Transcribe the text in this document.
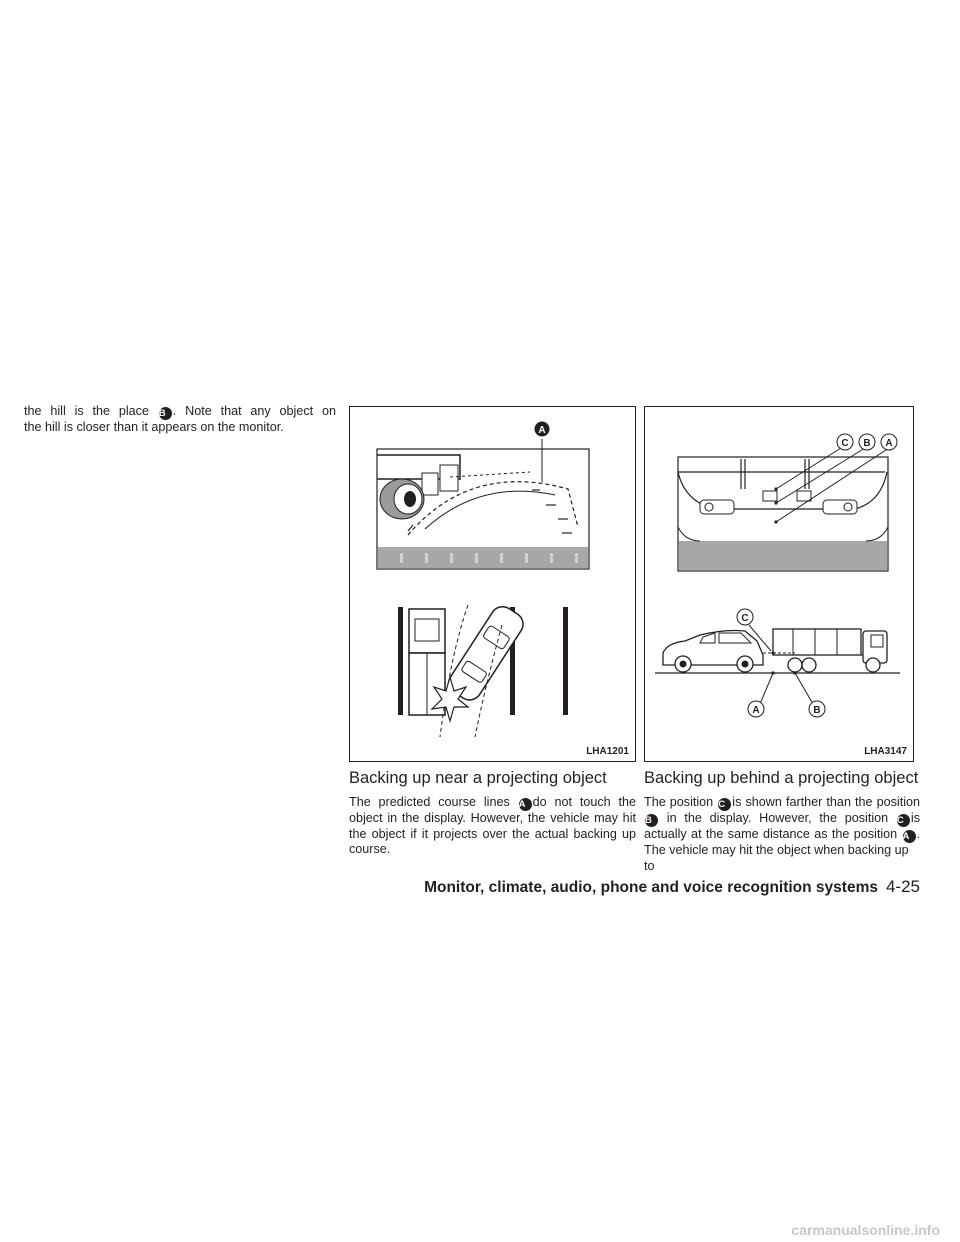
the hill is the place B . Note that any object on
the hill is closer than it appears on the monitor.	A
LHA1201
C B A
C
A	B
LHA3147
Backing up near a projecting object
The predicted course lines A do not touch the
object in the display. However, the vehicle may hit
the object if it projects over the actual backing up
course.
Backing up behind a projecting object
The position C is shown farther than the position
B in the display. However, the position C is
actually at the same distance as the position A .
The vehicle may hit the object when backing up to
Monitor, climate, audio, phone and voice recognition systems 4-25
carmanualsonline.info
